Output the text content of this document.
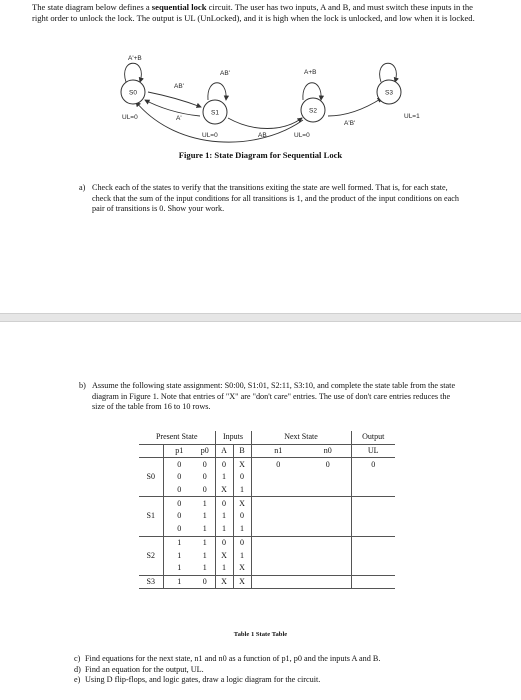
The state diagram below defines a sequential lock circuit. The user has two inputs, A and B, and must switch these inputs in the right order to unlock the lock. The output is UL (UnLocked), and it is high when the lock is unlocked, and low when it is locked.
S0
S1	S2
S3
UL=0
UL=0	UL=0
UL=1
A'+B
AB'
AB'
A'
AB
A+B
A'B'
Figure 1: State Diagram for Sequential Lock
a) Check each of the states to verify that the transitions exiting the state are well formed. That is, for each state, check that the sum of the input conditions for all transitions is 1, and the product of the input conditions on each pair of transitions is 0. Show your work.
b) Assume the following state assignment: S0:00, S1:01, S2:11, S3:10, and complete the state table from the state diagram in Figure 1. Note that entries of "X" are "don't care" entries. The use of don't care entries reduces the size of the table from 16 to 10 rows.
Present State			Inputs		Next State		Output
	p1	p0	A	B	n1	n0	UL
	0	0	0	X	0	0	0
S0	0	0	1	0			
	0	0	X	1			
	0	1	0	X			
S1	0	1	1	0			
	0	1	1	1			
	1	1	0	0			
S2	1	1	X	1			
	1	1	1	X			
S3	1	0	X	X			
Table 1 State Table
c) Find equations for the next state, n1 and n0 as a function of p1, p0 and the inputs A and B.
d) Find an equation for the output, UL.
e) Using D flip-flops, and logic gates, draw a logic diagram for the circuit.
